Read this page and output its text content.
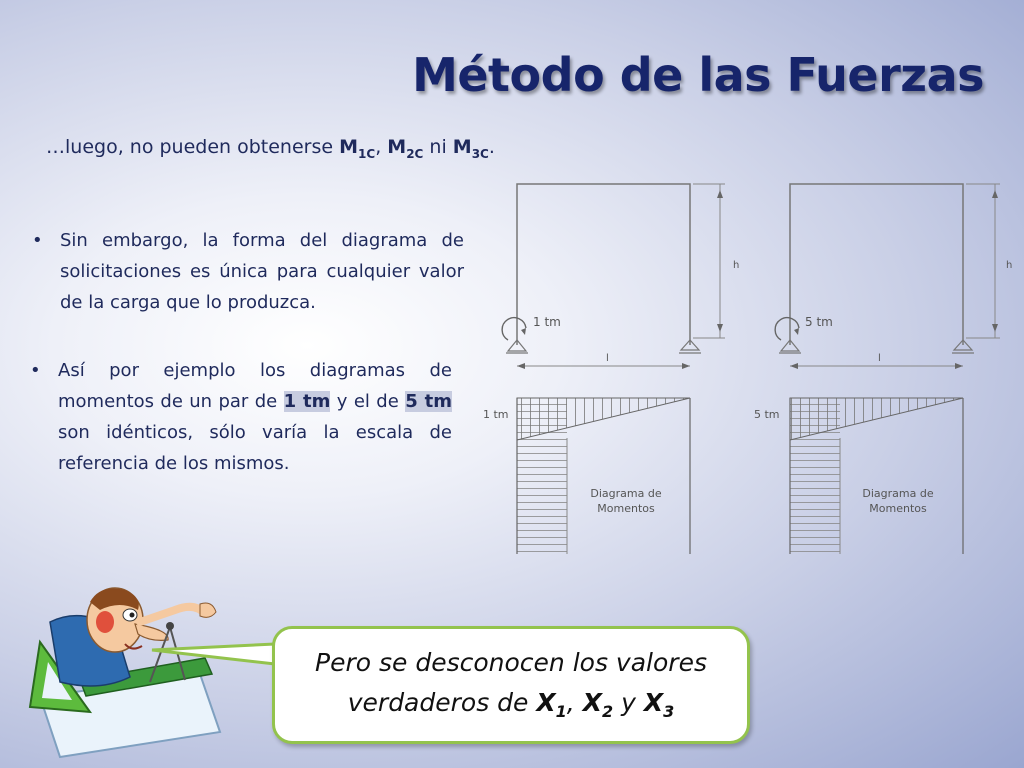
Método de las Fuerzas
…luego, no pueden obtenerse $M_{1C}$, $M_{2C}$ ni $M_{3C}$.
• Sin embargo, la forma del diagrama de solicitaciones es única para cualquier valor de la carga que lo produzca.
• Así por ejemplo los diagramas de momentos de un par de 1 tm y el de 5 tm son idénticos, sólo varía la escala de referencia de los mismos.
h
1 tm
l
1 tm
Diagrama de
Momentos
h
5 tm
l
5 tm
Diagrama de
Momentos
Pero se desconocen los valores
verdaderos de $X_1$, $X_2$ y $X_3$
